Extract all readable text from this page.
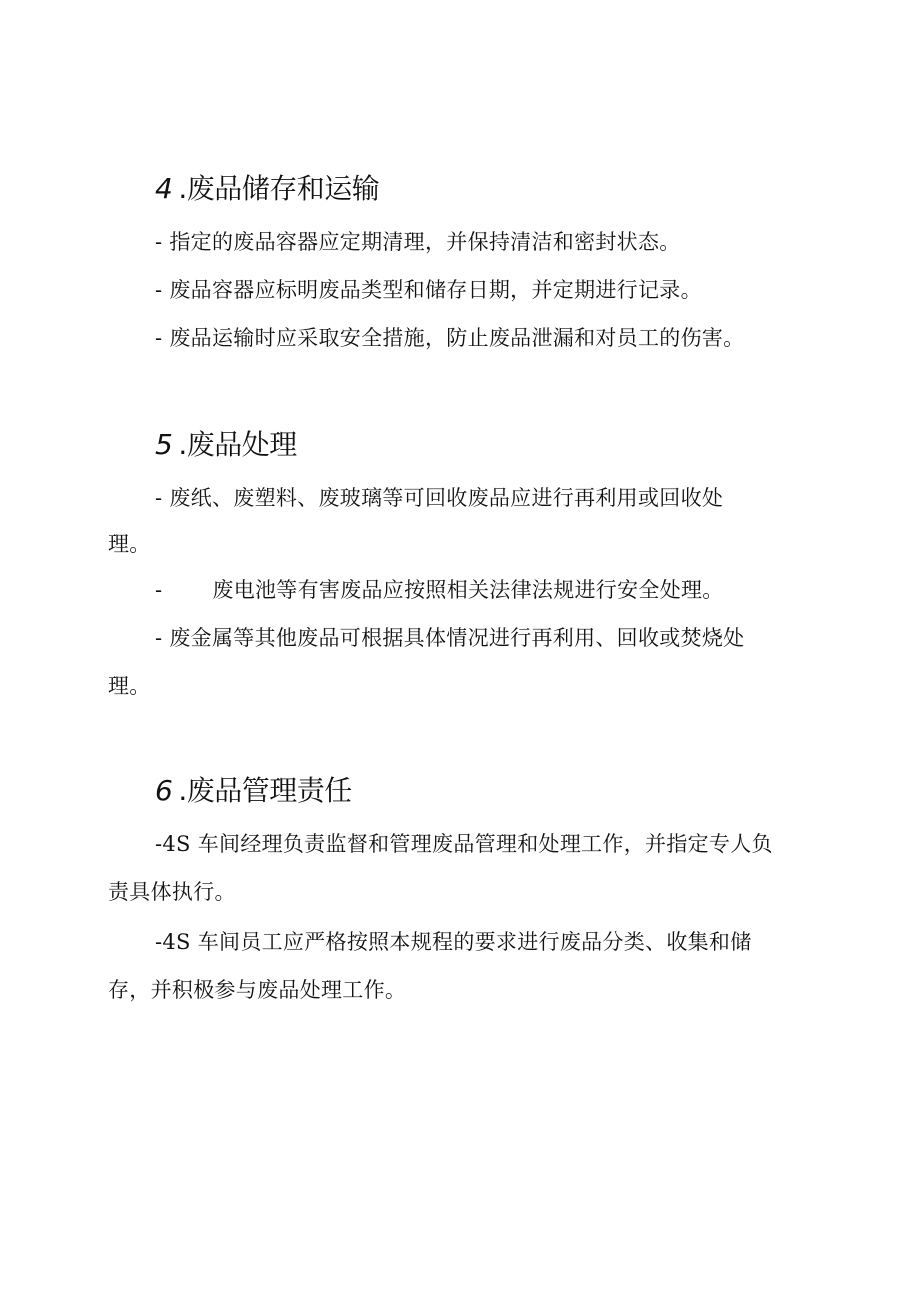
4 .废品储存和运输
- 指定的废品容器应定期清理，并保持清洁和密封状态。
- 废品容器应标明废品类型和储存日期，并定期进行记录。
- 废品运输时应采取安全措施，防止废品泄漏和对员工的伤害。
5 .废品处理
- 废纸、废塑料、废玻璃等可回收废品应进行再利用或回收处
理。
- 废电池等有害废品应按照相关法律法规进行安全处理。
- 废金属等其他废品可根据具体情况进行再利用、回收或焚烧处
理。
6 .废品管理责任
-4S 车间经理负责监督和管理废品管理和处理工作，并指定专人负
责具体执行。
-4S 车间员工应严格按照本规程的要求进行废品分类、收集和储
存，并积极参与废品处理工作。
